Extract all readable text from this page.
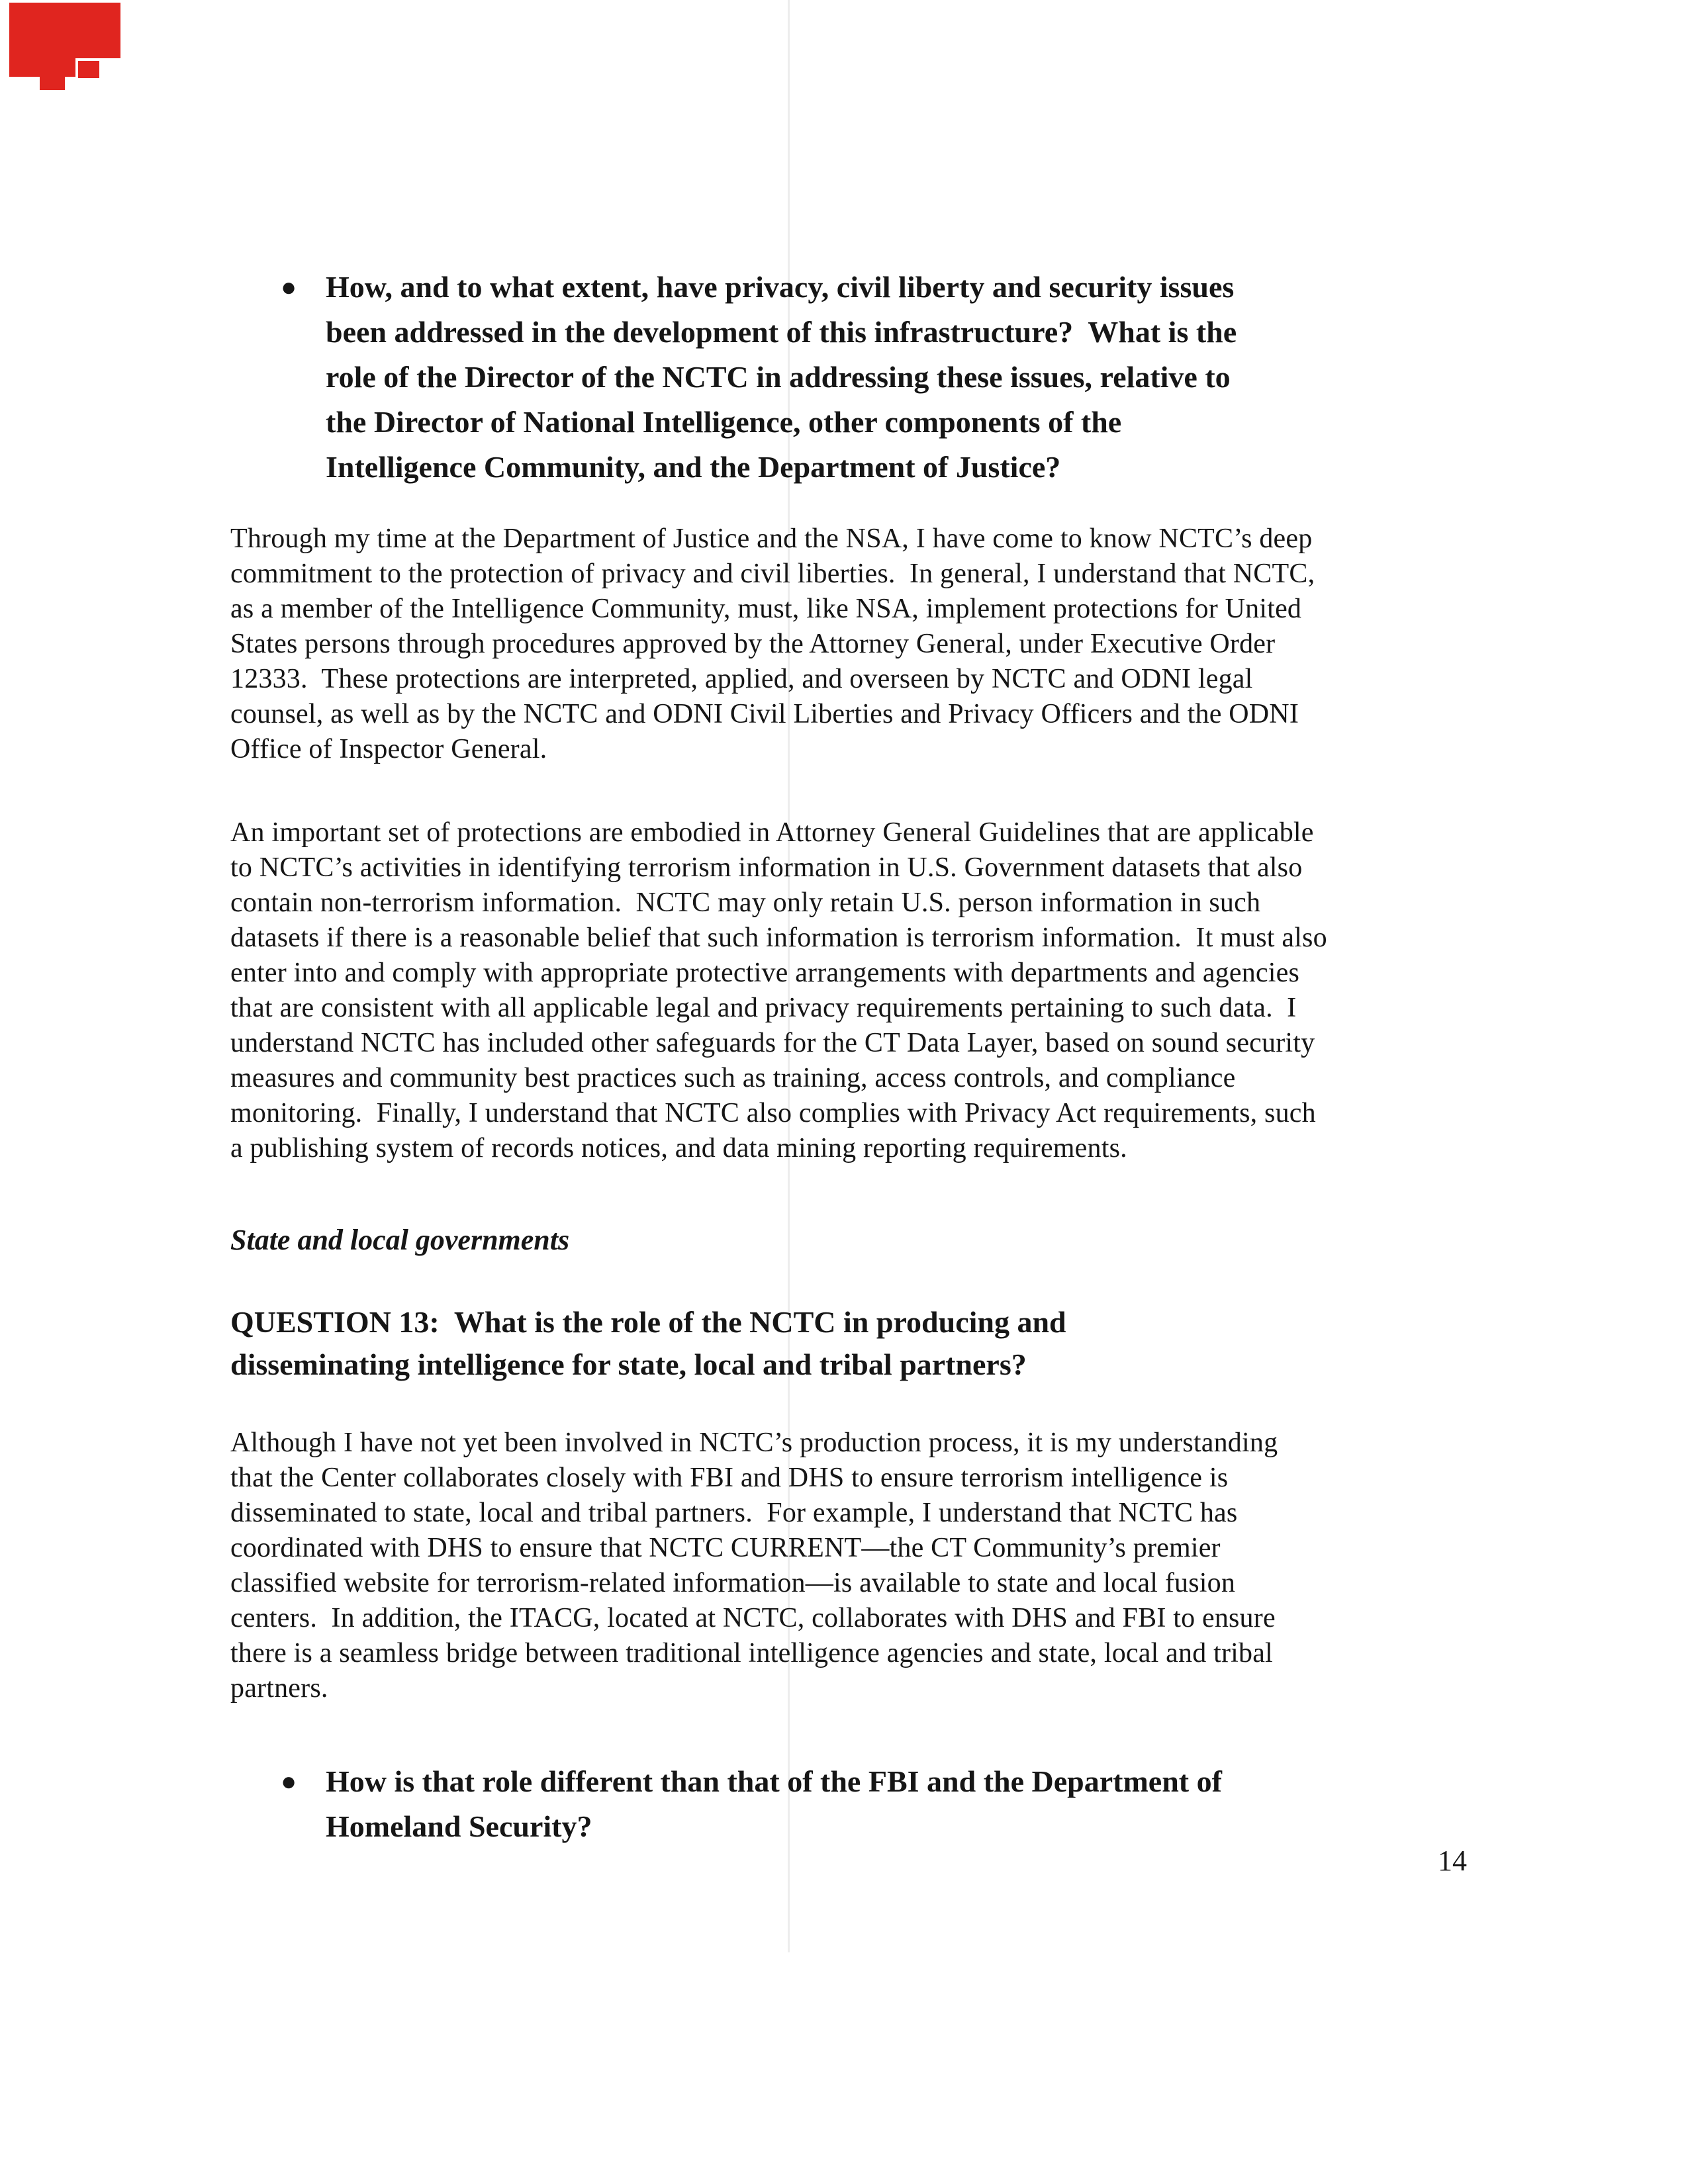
● How, and to what extent, have privacy, civil liberty and security issues
been addressed in the development of this infrastructure?  What is the
role of the Director of the NCTC in addressing these issues, relative to
the Director of National Intelligence, other components of the
Intelligence Community, and the Department of Justice?
Through my time at the Department of Justice and the NSA, I have come to know NCTC’s deep
commitment to the protection of privacy and civil liberties.  In general, I understand that NCTC,
as a member of the Intelligence Community, must, like NSA, implement protections for United
States persons through procedures approved by the Attorney General, under Executive Order
12333.  These protections are interpreted, applied, and overseen by NCTC and ODNI legal
counsel, as well as by the NCTC and ODNI Civil Liberties and Privacy Officers and the ODNI
Office of Inspector General.
An important set of protections are embodied in Attorney General Guidelines that are applicable
to NCTC’s activities in identifying terrorism information in U.S. Government datasets that also
contain non-terrorism information.  NCTC may only retain U.S. person information in such
datasets if there is a reasonable belief that such information is terrorism information.  It must also
enter into and comply with appropriate protective arrangements with departments and agencies
that are consistent with all applicable legal and privacy requirements pertaining to such data.  I
understand NCTC has included other safeguards for the CT Data Layer, based on sound security
measures and community best practices such as training, access controls, and compliance
monitoring.  Finally, I understand that NCTC also complies with Privacy Act requirements, such
a publishing system of records notices, and data mining reporting requirements.
State and local governments
QUESTION 13:  What is the role of the NCTC in producing and
disseminating intelligence for state, local and tribal partners?
Although I have not yet been involved in NCTC’s production process, it is my understanding
that the Center collaborates closely with FBI and DHS to ensure terrorism intelligence is
disseminated to state, local and tribal partners.  For example, I understand that NCTC has
coordinated with DHS to ensure that NCTC CURRENT—the CT Community’s premier
classified website for terrorism-related information—is available to state and local fusion
centers.  In addition, the ITACG, located at NCTC, collaborates with DHS and FBI to ensure
there is a seamless bridge between traditional intelligence agencies and state, local and tribal
partners.
● How is that role different than that of the FBI and the Department of
Homeland Security?
14
